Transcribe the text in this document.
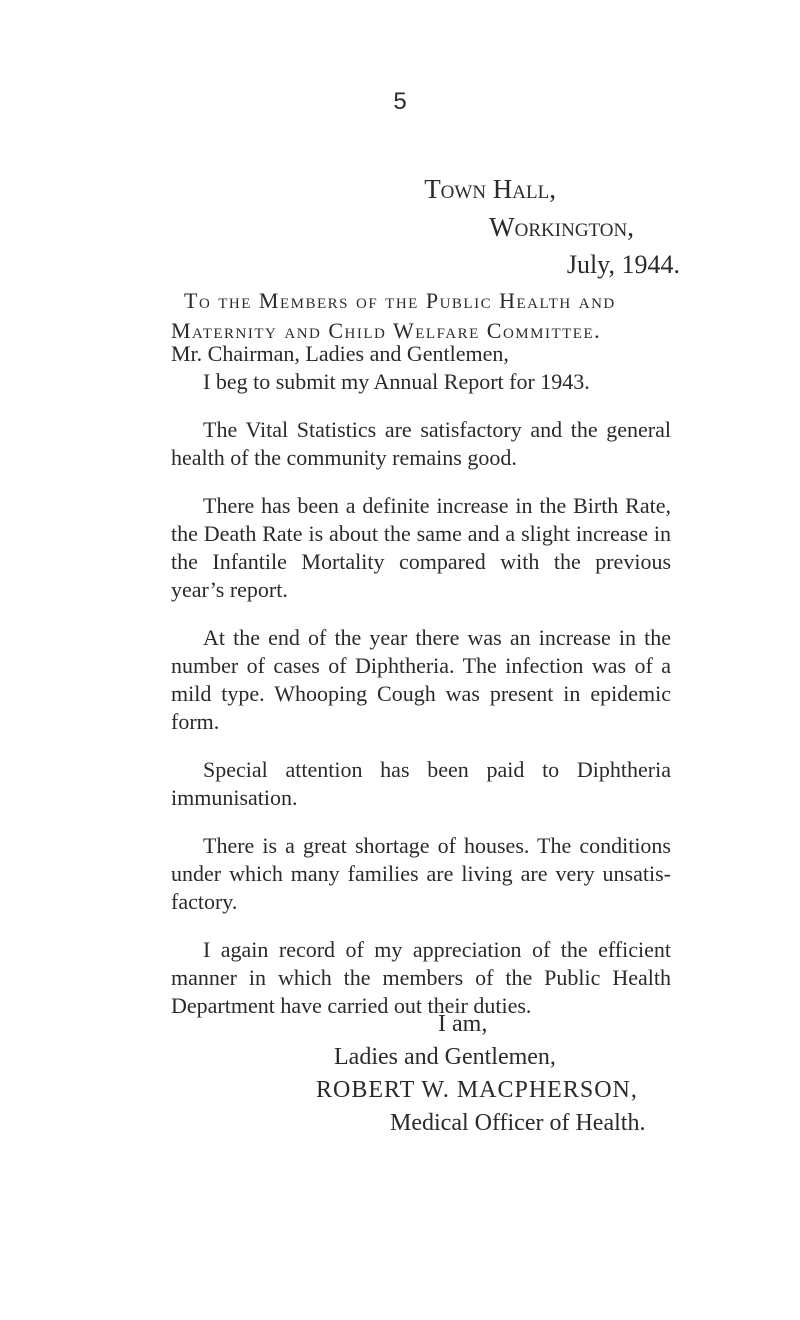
5
Town Hall,
Workington,
July, 1944.
To the Members of the Public Health and
Maternity and Child Welfare Committee.

Mr. Chairman, Ladies and Gentlemen,

I beg to submit my Annual Report for 1943.

The Vital Statistics are satisfactory and the general health of the community remains good.

There has been a definite increase in the Birth Rate, the Death Rate is about the same and a slight increase in the Infantile Mortality compared with the previous year’s report.

At the end of the year there was an increase in the number of cases of Diphtheria. The infection was of a mild type. Whooping Cough was present in epidemic form.

Special attention has been paid to Diphtheria immunisation.

There is a great shortage of houses. The conditions under which many families are living are very unsatis-factory.

I again record of my appreciation of the efficient manner in which the members of the Public Health Department have carried out their duties.

I am,
Ladies and Gentlemen,
ROBERT W. MACPHERSON,
Medical Officer of Health.
